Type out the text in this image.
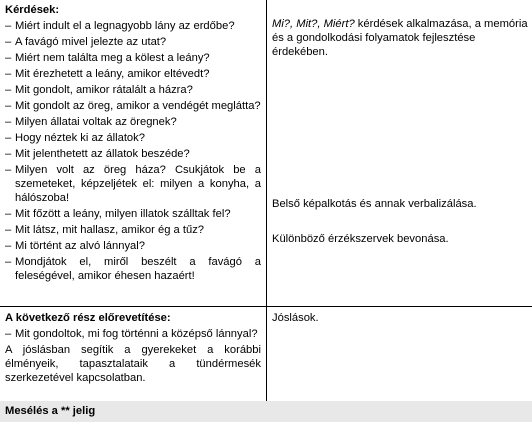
Kérdések:
– Miért indult el a legnagyobb lány az erdőbe?
– A favágó mivel jelezte az utat?
– Miért nem találta meg a kölest a leány?
– Mit érezhetett a leány, amikor eltévedt?
– Mit gondolt, amikor rátalált a házra?
– Mit gondolt az öreg, amikor a vendégét meglátta?
– Milyen állatai voltak az öregnek?
– Hogy néztek ki az állatok?
– Mit jelenthetett az állatok beszéde?
– Milyen volt az öreg háza? Csukjátok be a szemeteket, képzeljétek el: milyen a konyha, a hálószoba!
– Mit főzött a leány, milyen illatok szálltak fel?
– Mit látsz, mit hallasz, amikor ég a tűz?
– Mi történt az alvó lánnyal?
– Mondjátok el, miről beszélt a favágó a feleségével, amikor éhesen hazaért!
Mi?, Mit?, Miért? kérdések alkalmazása, a memória és a gondolkodási folyamatok fejlesztése érdekében.
Belső képalkotás és annak verbalizálása.
Különböző érzékszervek bevonása.
A következő rész előrevetítése:
– Mit gondoltok, mi fog történni a középső lánnyal?
A jóslásban segítik a gyerekeket a korábbi élményeik, tapasztalataik a tündérmesék szerkezetével kapcsolatban.
Jóslások.
Mesélés a ** jelig
